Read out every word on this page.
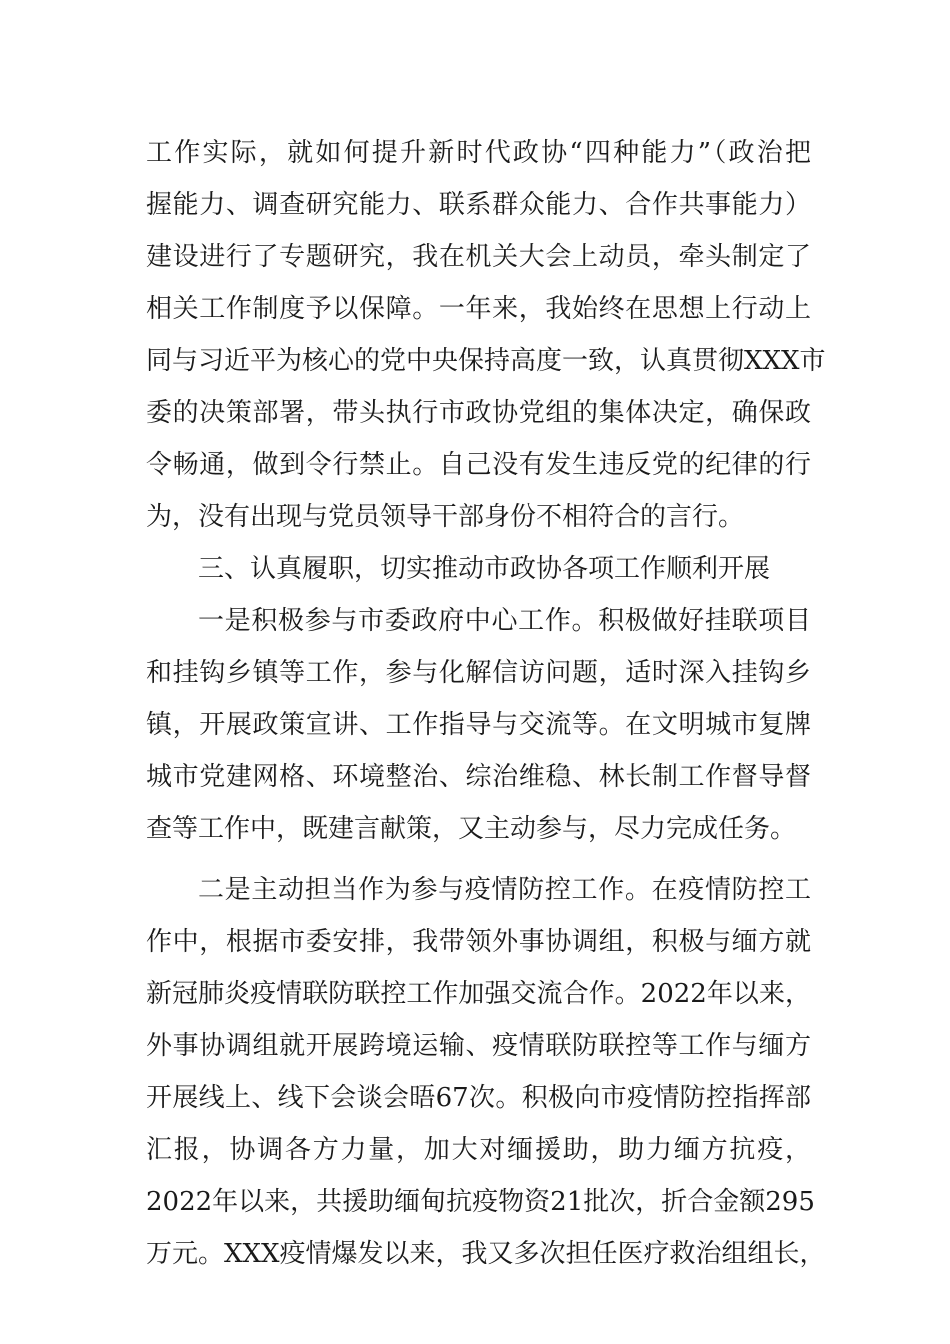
工作实际，就如何提升新时代政协“四种能力”（政治把
握能力、调查研究能力、联系群众能力、合作共事能力）
建设进行了专题研究，我在机关大会上动员，牵头制定了
相关工作制度予以保障。一年来，我始终在思想上行动上
同与习近平为核心的党中央保持高度一致，认真贯彻XXX市
委的决策部署，带头执行市政协党组的集体决定，确保政
令畅通，做到令行禁止。自己没有发生违反党的纪律的行
为，没有出现与党员领导干部身份不相符合的言行。
三、认真履职，切实推动市政协各项工作顺利开展
一是积极参与市委政府中心工作。积极做好挂联项目
和挂钩乡镇等工作，参与化解信访问题，适时深入挂钩乡
镇，开展政策宣讲、工作指导与交流等。在文明城市复牌
城市党建网格、环境整治、综治维稳、林长制工作督导督
查等工作中，既建言献策，又主动参与，尽力完成任务。
二是主动担当作为参与疫情防控工作。在疫情防控工
作中，根据市委安排，我带领外事协调组，积极与缅方就
新冠肺炎疫情联防联控工作加强交流合作。2022年以来，
外事协调组就开展跨境运输、疫情联防联控等工作与缅方
开展线上、线下会谈会晤67次。积极向市疫情防控指挥部
汇报，协调各方力量，加大对缅援助，助力缅方抗疫，
2022年以来，共援助缅甸抗疫物资21批次，折合金额295
万元。XXX疫情爆发以来，我又多次担任医疗救治组组长，
